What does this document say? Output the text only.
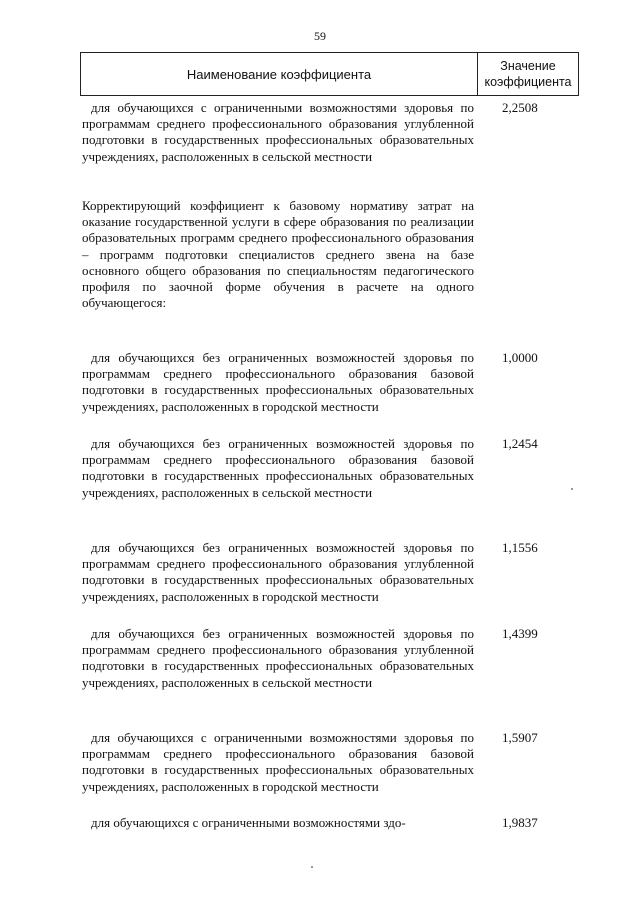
59
Наименование коэффициента
Значение
коэффициента
для обучающихся с ограниченными возможностями здоровья по программам среднего профессионального образования углубленной подготовки в государственных профессиональных образовательных учреждениях, расположенных в сельской местности
2,2508
Корректирующий коэффициент к базовому нормативу затрат на оказание государственной услуги в сфере образования по реализации образовательных программ среднего профессионального образования – программ подготовки специалистов среднего звена на базе основного общего образования по специальностям педагогического профиля по заочной форме обучения в расчете на одного обучающегося:
для обучающихся без ограниченных возможностей здоровья по программам среднего профессионального образования базовой подготовки в государственных профессиональных образовательных учреждениях, расположенных в городской местности
1,0000
для обучающихся без ограниченных возможностей здоровья по программам среднего профессионального образования базовой подготовки в государственных профессиональных образовательных учреждениях, расположенных в сельской местности
1,2454
для обучающихся без ограниченных возможностей здоровья по программам среднего профессионального образования углубленной подготовки в государственных профессиональных образовательных учреждениях, расположенных в городской местности
1,1556
для обучающихся без ограниченных возможностей здоровья по программам среднего профессионального образования углубленной подготовки в государственных профессиональных образовательных учреждениях, расположенных в сельской местности
1,4399
для обучающихся с ограниченными возможностями здоровья по программам среднего профессионального образования базовой подготовки в государственных профессиональных образовательных учреждениях, расположенных в городской местности
1,5907
для обучающихся с ограниченными возможностями здо-	1,9837
